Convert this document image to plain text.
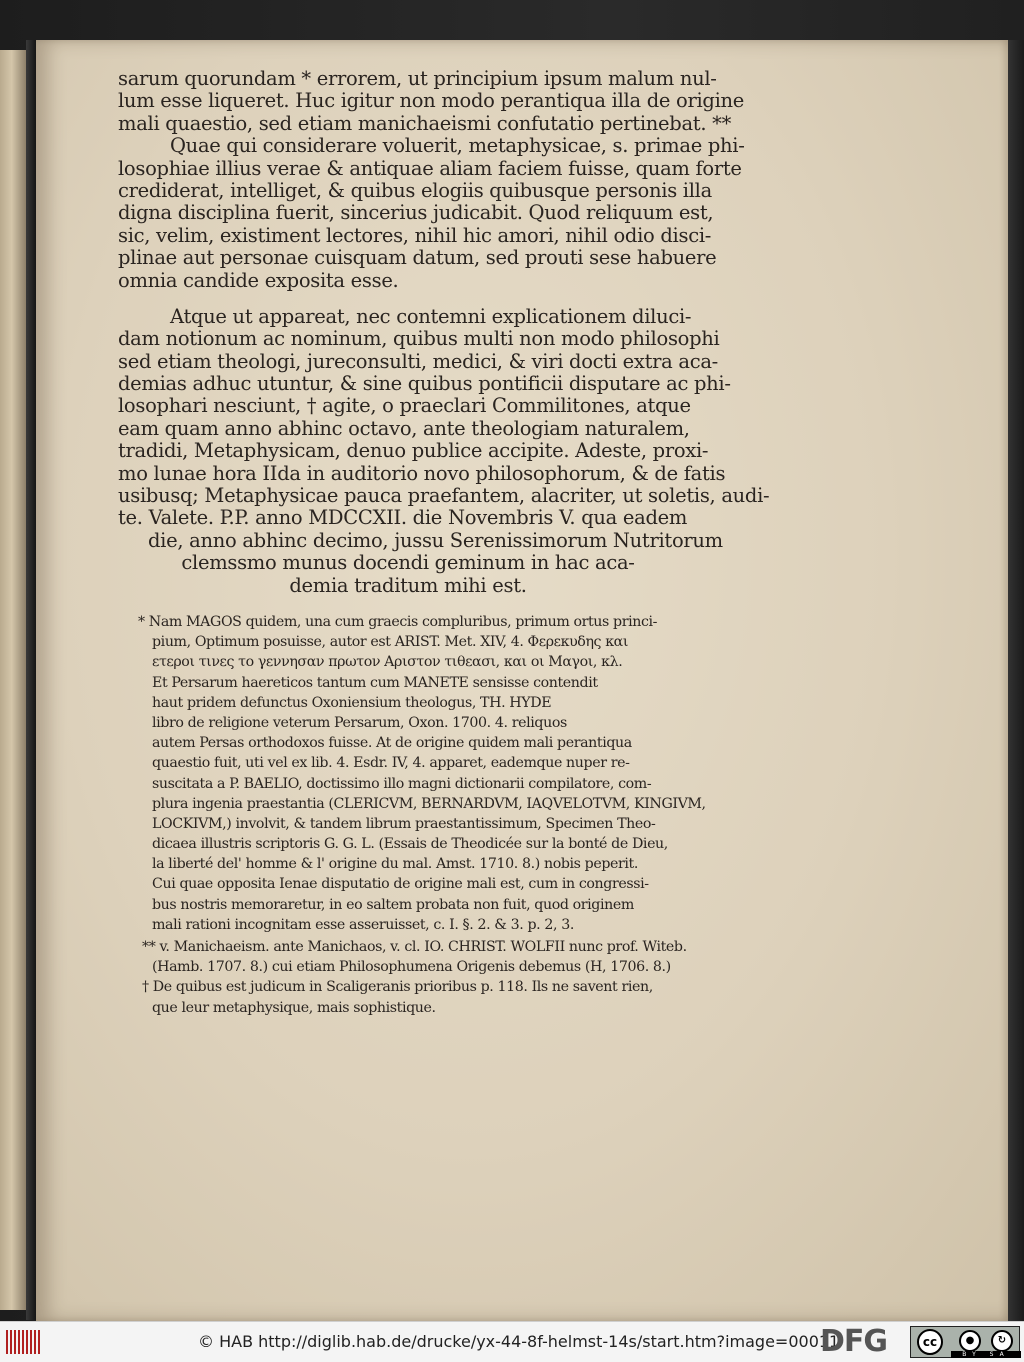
sarum quorundam * errorem, ut principium ipsum malum nul-
lum esse liqueret. Huc igitur non modo perantiqua illa de origine
mali quaestio, sed etiam manichaeismi confutatio pertinebat. **
Quae qui considerare voluerit, metaphysicae, s. primae phi-
losophiae illius verae & antiquae aliam faciem fuisse, quam forte
crediderat, intelliget, & quibus elogiis quibusque personis illa
digna disciplina fuerit, sincerius judicabit. Quod reliquum est,
sic, velim, existiment lectores, nihil hic amori, nihil odio disci-
plinae aut personae cuisquam datum, sed prouti sese habuere
omnia candide exposita esse.
Atque ut appareat, nec contemni explicationem diluci-
dam notionum ac nominum, quibus multi non modo philosophi
sed etiam theologi, jureconsulti, medici, & viri docti extra aca-
demias adhuc utuntur, & sine quibus pontificii disputare ac phi-
losophari nesciunt, † agite, o praeclari Commilitones, atque
eam quam anno abhinc octavo, ante theologiam naturalem,
tradidi, Metaphysicam, denuo publice accipite. Adeste, proxi-
mo lunae hora IIda in auditorio novo philosophorum, & de fatis
usibusq; Metaphysicae pauca praefantem, alacriter, ut soletis, audi-
te. Valete. P.P. anno MDCCXII. die Novembris V. qua eadem
die, anno abhinc decimo, jussu Serenissimorum Nutritorum
clemssmo munus docendi geminum in hac aca-
demia traditum mihi est.
* Nam MAGOS quidem, una cum graecis compluribus, primum ortus princi-
pium, Optimum posuisse, autor est ARIST. Met. XIV, 4. Φερεκυδης και
ετεροι τινες το γεννησαν πρωτον Αριστον τιθεασι, και οι Μαγοι, κλ.
Et Persarum haereticos tantum cum MANETE sensisse contendit
haut pridem defunctus Oxoniensium theologus, TH. HYDE
libro de religione veterum Persarum, Oxon. 1700. 4. reliquos
autem Persas orthodoxos fuisse. At de origine quidem mali perantiqua
quaestio fuit, uti vel ex lib. 4. Esdr. IV, 4. apparet, eademque nuper re-
suscitata a P. BAELIO, doctissimo illo magni dictionarii compilatore, com-
plura ingenia praestantia (CLERICVM, BERNARDVM, IAQVELOTVM, KINGIVM,
LOCKIVM,) involvit, & tandem librum praestantissimum, Specimen Theo-
dicaea illustris scriptoris G. G. L. (Essais de Theodicée sur la bonté de Dieu,
la liberté del' homme & l' origine du mal. Amst. 1710. 8.) nobis peperit.
Cui quae opposita Ienae disputatio de origine mali est, cum in congressi-
bus nostris memoraretur, in eo saltem probata non fuit, quod originem
mali rationi incognitam esse asseruisset, c. I. §. 2. & 3. p. 2, 3.
** v. Manichaeism. ante Manichaos, v. cl. IO. CHRIST. WOLFII nunc prof. Witeb.
(Hamb. 1707. 8.) cui etiam Philosophumena Origenis debemus (H, 1706. 8.)
† De quibus est judicum in Scaligeranis prioribus p. 118. Ils ne savent rien,
que leur metaphysique, mais sophistique.
© HAB http://diglib.hab.de/drucke/yx-44-8f-helmst-14s/start.htm?image=00011
DFG	cc	●	↻
BY SA
